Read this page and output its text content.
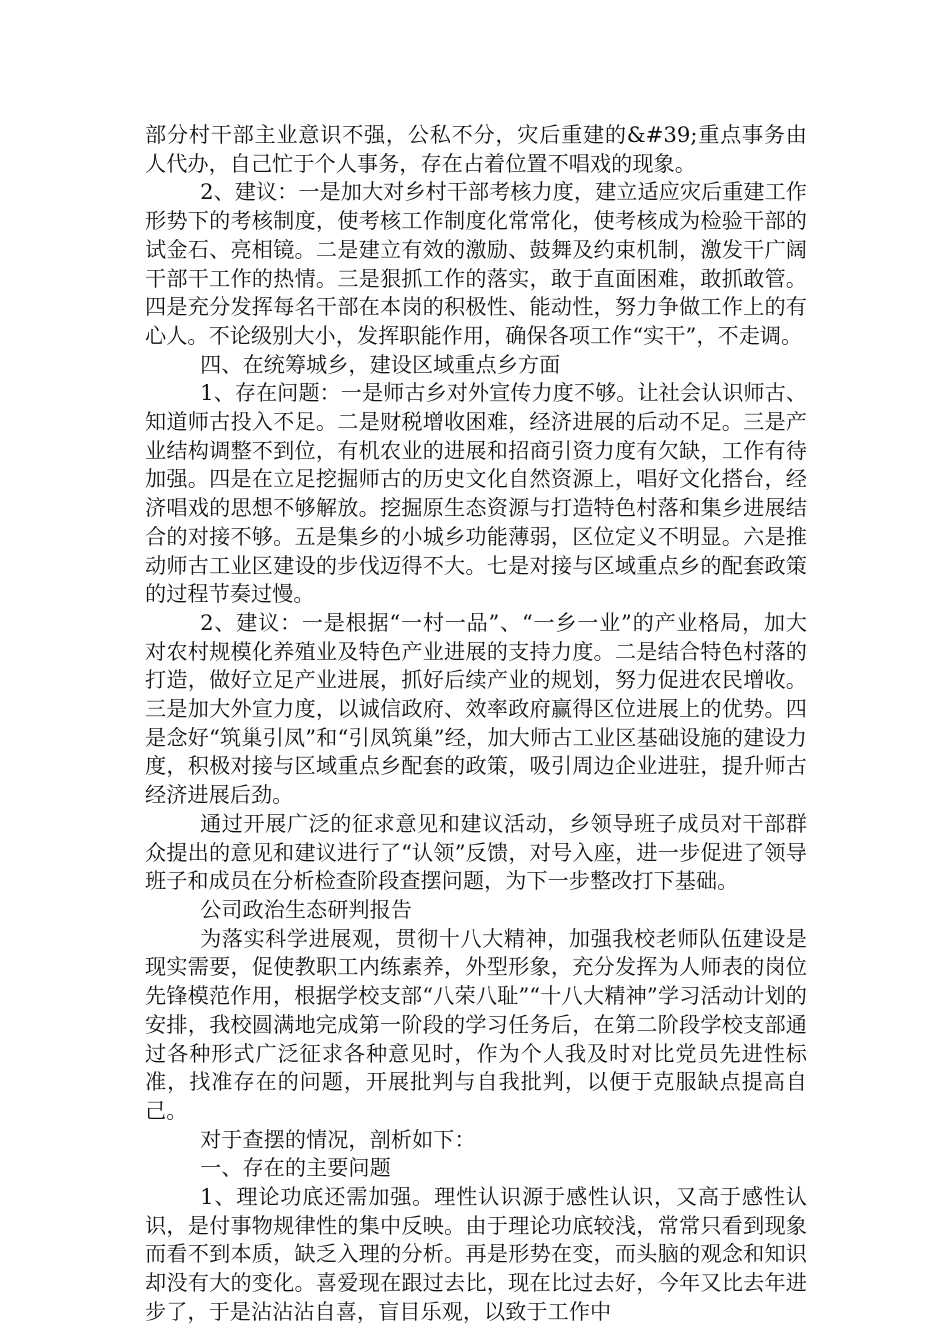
部分村干部主业意识不强，公私不分，灾后重建的&#39;重点事务由人代办，自己忙于个人事务，存在占着位置不唱戏的现象。

2、建议：一是加大对乡村干部考核力度，建立适应灾后重建工作形势下的考核制度，使考核工作制度化常常化，使考核成为检验干部的试金石、亮相镜。二是建立有效的激励、鼓舞及约束机制，激发干广阔干部干工作的热情。三是狠抓工作的落实，敢于直面困难，敢抓敢管。四是充分发挥每名干部在本岗的积极性、能动性，努力争做工作上的有心人。不论级别大小，发挥职能作用，确保各项工作“实干”，不走调。

四、在统筹城乡，建设区域重点乡方面

1、存在问题：一是师古乡对外宣传力度不够。让社会认识师古、知道师古投入不足。二是财税增收困难，经济进展的后动不足。三是产业结构调整不到位，有机农业的进展和招商引资力度有欠缺，工作有待加强。四是在立足挖掘师古的历史文化自然资源上，唱好文化搭台，经济唱戏的思想不够解放。挖掘原生态资源与打造特色村落和集乡进展结合的对接不够。五是集乡的小城乡功能薄弱，区位定义不明显。六是推动师古工业区建设的步伐迈得不大。七是对接与区域重点乡的配套政策的过程节奏过慢。

2、建议：一是根据“一村一品”、“一乡一业”的产业格局，加大对农村规模化养殖业及特色产业进展的支持力度。二是结合特色村落的打造，做好立足产业进展，抓好后续产业的规划，努力促进农民增收。三是加大外宣力度，以诚信政府、效率政府赢得区位进展上的优势。四是念好“筑巢引凤”和“引凤筑巢”经，加大师古工业区基础设施的建设力度，积极对接与区域重点乡配套的政策，吸引周边企业进驻，提升师古经济进展后劲。

通过开展广泛的征求意见和建议活动，乡领导班子成员对干部群众提出的意见和建议进行了“认领”反馈，对号入座，进一步促进了领导班子和成员在分析检查阶段查摆问题，为下一步整改打下基础。

公司政治生态研判报告

为落实科学进展观，贯彻十八大精神，加强我校老师队伍建设是现实需要，促使教职工内练素养，外型形象，充分发挥为人师表的岗位先锋模范作用，根据学校支部“八荣八耻”“十八大精神”学习活动计划的安排，我校圆满地完成第一阶段的学习任务后，在第二阶段学校支部通过各种形式广泛征求各种意见时，作为个人我及时对比党员先进性标准，找准存在的问题，开展批判与自我批判，以便于克服缺点提高自己。

对于查摆的情况，剖析如下：

一、存在的主要问题

1、理论功底还需加强。理性认识源于感性认识，又高于感性认识，是付事物规律性的集中反映。由于理论功底较浅，常常只看到现象而看不到本质，缺乏入理的分析。再是形势在变，而头脑的观念和知识却没有大的变化。喜爱现在跟过去比，现在比过去好，今年又比去年进步了，于是沾沾沾自喜，盲目乐观，以致于工作中
